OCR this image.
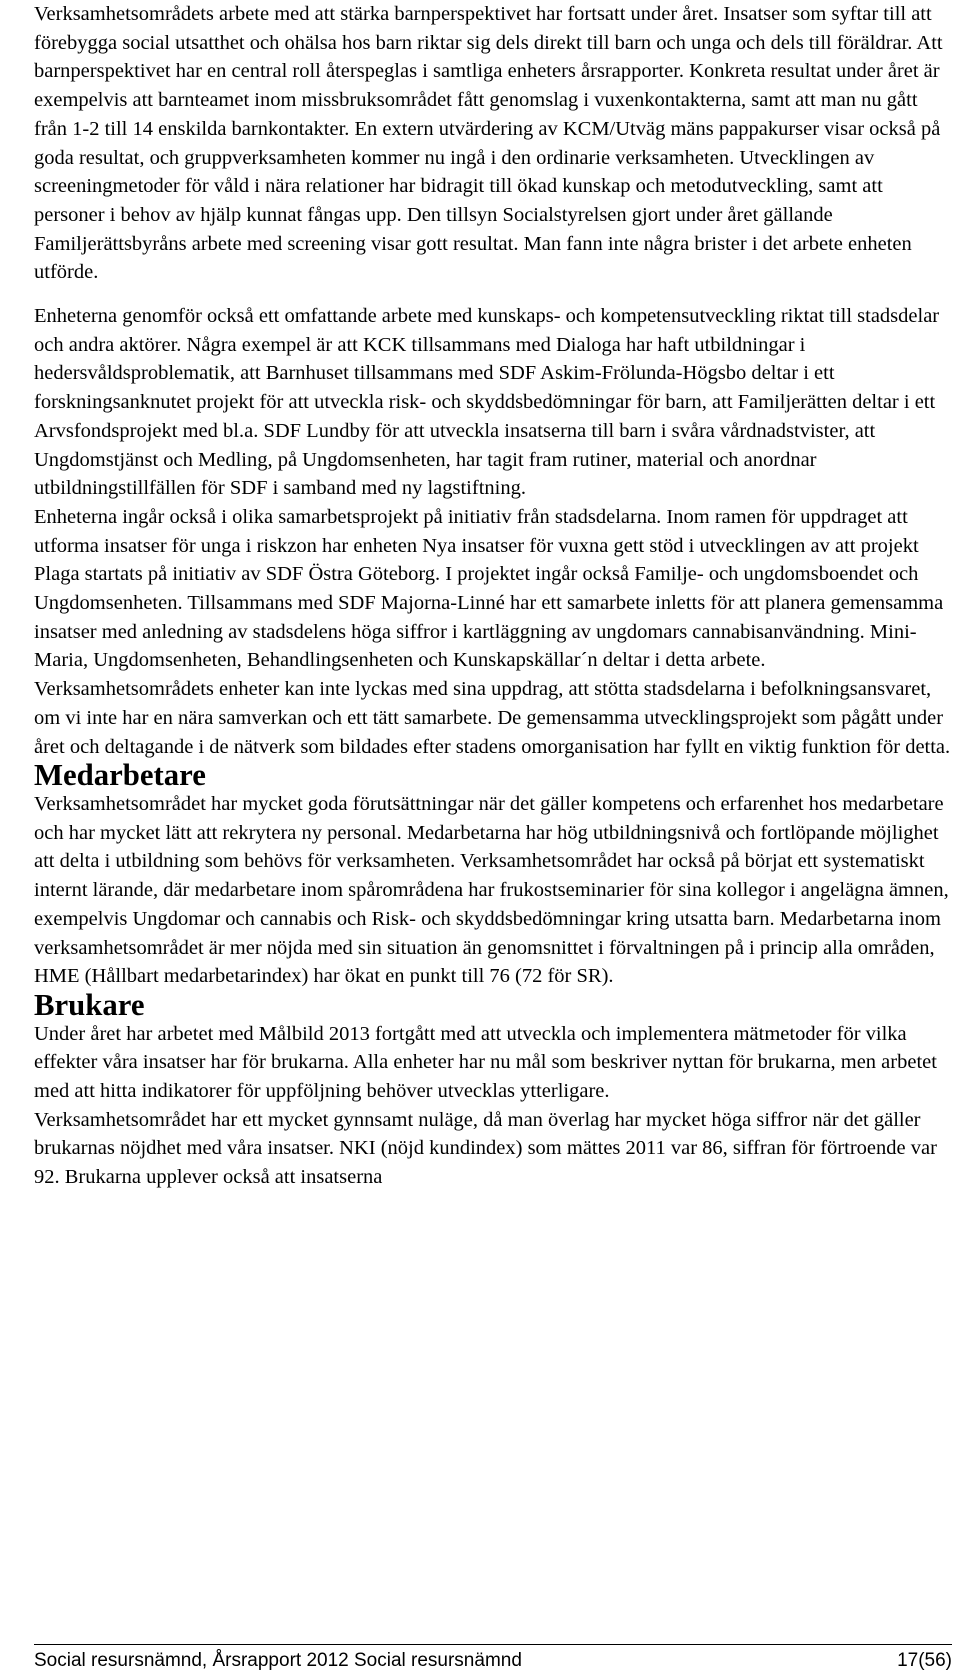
Verksamhetsområdets arbete med att stärka barnperspektivet har fortsatt under året. Insatser som syftar till att förebygga social utsatthet och ohälsa hos barn riktar sig dels direkt till barn och unga och dels till föräldrar. Att barnperspektivet har en central roll återspeglas i samtliga enheters årsrapporter. Konkreta resultat under året är exempelvis att barnteamet inom missbruksområdet fått genomslag i vuxenkontakterna, samt att man nu gått från 1-2 till 14 enskilda barnkontakter. En extern utvärdering av KCM/Utväg mäns pappakurser visar också på goda resultat, och gruppverksamheten kommer nu ingå i den ordinarie verksamheten. Utvecklingen av screeningmetoder för våld i nära relationer har bidragit till ökad kunskap och metodutveckling, samt att personer i behov av hjälp kunnat fångas upp. Den tillsyn Socialstyrelsen gjort under året gällande Familjerättsbyråns arbete med screening visar gott resultat. Man fann inte några brister i det arbete enheten utförde.

Enheterna genomför också ett omfattande arbete med kunskaps- och kompetensutveckling riktat till stadsdelar och andra aktörer. Några exempel är att KCK tillsammans med Dialoga har haft utbildningar i hedersvåldsproblematik, att Barnhuset tillsammans med SDF Askim-Frölunda-Högsbo deltar i ett forskningsanknutet projekt för att utveckla risk- och skyddsbedömningar för barn, att Familjerätten deltar i ett Arvsfondsprojekt med bl.a. SDF Lundby för att utveckla insatserna till barn i svåra vårdnadstvister, att Ungdomstjänst och Medling, på Ungdomsenheten, har tagit fram rutiner, material och anordnar utbildningstillfällen för SDF i samband med ny lagstiftning.

Enheterna ingår också i olika samarbetsprojekt på initiativ från stadsdelarna. Inom ramen för uppdraget att utforma insatser för unga i riskzon har enheten Nya insatser för vuxna gett stöd i utvecklingen av att projekt Plaga startats på initiativ av SDF Östra Göteborg. I projektet ingår också Familje- och ungdomsboendet och Ungdomsenheten. Tillsammans med SDF Majorna-Linné har ett samarbete inletts för att planera gemensamma insatser med anledning av stadsdelens höga siffror i kartläggning av ungdomars cannabisanvändning. Mini-Maria, Ungdomsenheten, Behandlingsenheten och Kunskapskällar´n deltar i detta arbete.

Verksamhetsområdets enheter kan inte lyckas med sina uppdrag, att stötta stadsdelarna i befolkningsansvaret, om vi inte har en nära samverkan och ett tätt samarbete. De gemensamma utvecklingsprojekt som pågått under året och deltagande i de nätverk som bildades efter stadens omorganisation har fyllt en viktig funktion för detta.

Medarbetare

Verksamhetsområdet har mycket goda förutsättningar när det gäller kompetens och erfarenhet hos medarbetare och har mycket lätt att rekrytera ny personal. Medarbetarna har hög utbildningsnivå och fortlöpande möjlighet att delta i utbildning som behövs för verksamheten. Verksamhetsområdet har också på börjat ett systematiskt internt lärande, där medarbetare inom spårområdena har frukostseminarier för sina kollegor i angelägna ämnen, exempelvis Ungdomar och cannabis och Risk- och skyddsbedömningar kring utsatta barn. Medarbetarna inom verksamhetsområdet är mer nöjda med sin situation än genomsnittet i förvaltningen på i princip alla områden, HME (Hållbart medarbetarindex) har ökat en punkt till 76 (72 för SR).

Brukare

Under året har arbetet med Målbild 2013 fortgått med att utveckla och implementera mätmetoder för vilka effekter våra insatser har för brukarna. Alla enheter har nu mål som beskriver nyttan för brukarna, men arbetet med att hitta indikatorer för uppföljning behöver utvecklas ytterligare.

Verksamhetsområdet har ett mycket gynnsamt nuläge, då man överlag har mycket höga siffror när det gäller brukarnas nöjdhet med våra insatser. NKI (nöjd kundindex) som mättes 2011 var 86, siffran för förtroende var 92. Brukarna upplever också att insatserna

Social resursnämnd, Årsrapport 2012 Social resursnämnd	17(56)
